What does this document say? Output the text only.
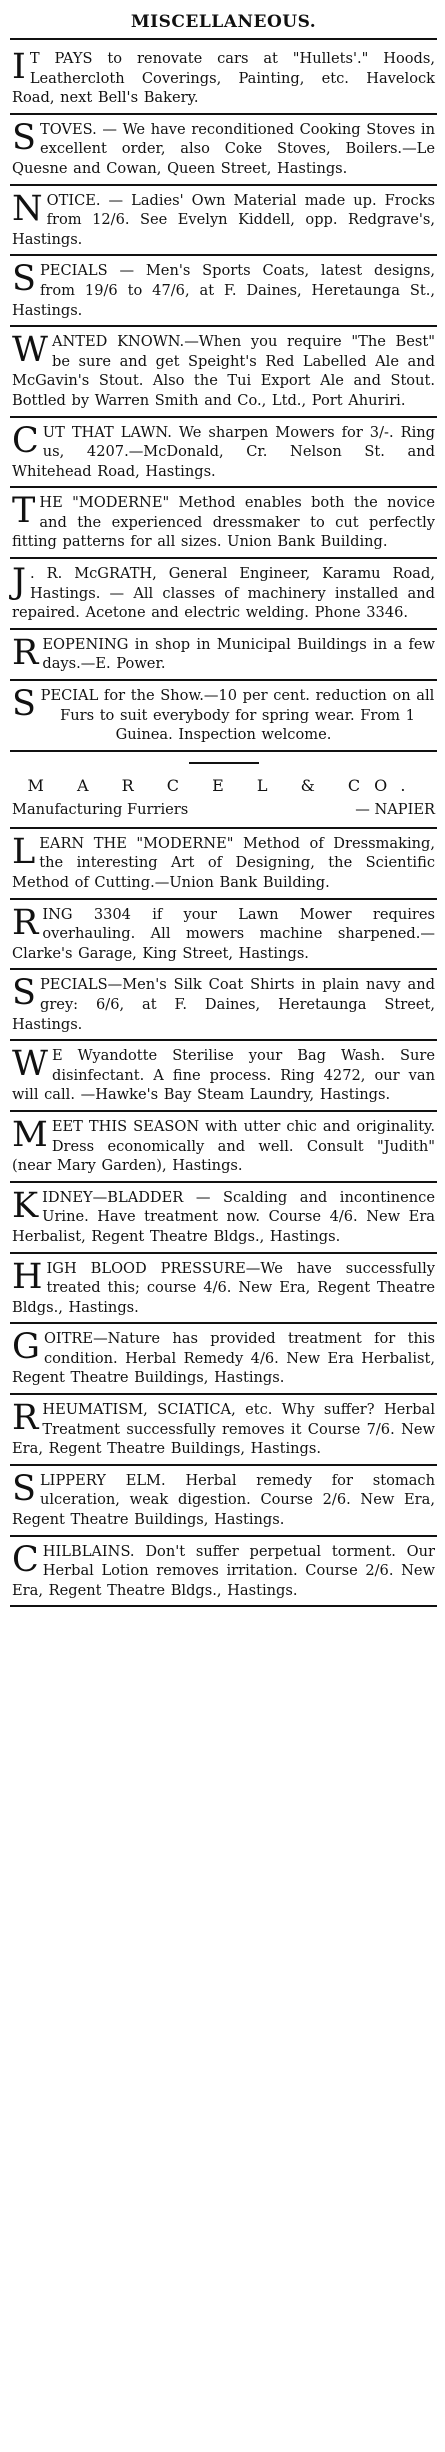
MISCELLANEOUS.

I T PAYS to renovate cars at "Hullets'." Hoods, Leathercloth Coverings, Painting, etc. Havelock Road, next Bell's Bakery.

STOVES. — We have reconditioned Cooking Stoves in excellent order, also Coke Stoves, Boilers.—Le Quesne and Cowan, Queen Street, Hastings.

NOTICE. — Ladies' Own Material made up. Frocks from 12/6. See Evelyn Kiddell, opp. Redgrave's, Hastings.

SPECIALS — Men's Sports Coats, latest designs, from 19/6 to 47/6, at F. Daines, Heretaunga St., Hastings.

WANTED KNOWN.—When you require "The Best" be sure and get Speight's Red Labelled Ale and McGavin's Stout. Also the Tui Export Ale and Stout. Bottled by Warren Smith and Co., Ltd., Port Ahuriri.

CUT THAT LAWN. We sharpen Mowers for 3/-. Ring us, 4207.—McDonald, Cr. Nelson St. and Whitehead Road, Hastings.

THE "MODERNE" Method enables both the novice and the experienced dressmaker to cut perfectly fitting patterns for all sizes. Union Bank Building.

J . R. McGRATH, General Engineer, Karamu Road, Hastings. — All classes of machinery installed and repaired. Acetone and electric welding. Phone 3346.

REOPENING in shop in Municipal Buildings in a few days.—E. Power.

SPECIAL for the Show.—10 per cent. reduction on all Furs to suit everybody for spring wear. From 1 Guinea. Inspection welcome.

M A R C E L & CO.
Manufacturing Furriers	— NAPIER

LEARN THE "MODERNE" Method of Dressmaking, the interesting Art of Designing, the Scientific Method of Cutting.—Union Bank Building.

RING 3304 if your Lawn Mower requires overhauling. All mowers machine sharpened.—Clarke's Garage, King Street, Hastings.

SPECIALS—Men's Silk Coat Shirts in plain navy and grey: 6/6, at F. Daines, Heretaunga Street, Hastings.

W E Wyandotte Sterilise your Bag Wash. Sure disinfectant. A fine process. Ring 4272, our van will call. —Hawke's Bay Steam Laundry, Hastings.

MEET THIS SEASON with utter chic and originality. Dress economically and well. Consult "Judith" (near Mary Garden), Hastings.

KIDNEY—BLADDER — Scalding and incontinence Urine. Have treatment now. Course 4/6. New Era Herbalist, Regent Theatre Bldgs., Hastings.

HIGH BLOOD PRESSURE—We have successfully treated this; course 4/6. New Era, Regent Theatre Bldgs., Hastings.

GOITRE—Nature has provided treatment for this condition. Herbal Remedy 4/6. New Era Herbalist, Regent Theatre Buildings, Hastings.

RHEUMATISM, SCIATICA, etc. Why suffer? Herbal Treatment successfully removes it Course 7/6. New Era, Regent Theatre Buildings, Hastings.

SLIPPERY ELM. Herbal remedy for stomach ulceration, weak digestion. Course 2/6. New Era, Regent Theatre Buildings, Hastings.

CHILBLAINS. Don't suffer perpetual torment. Our Herbal Lotion removes irritation. Course 2/6. New Era, Regent Theatre Bldgs., Hastings.
